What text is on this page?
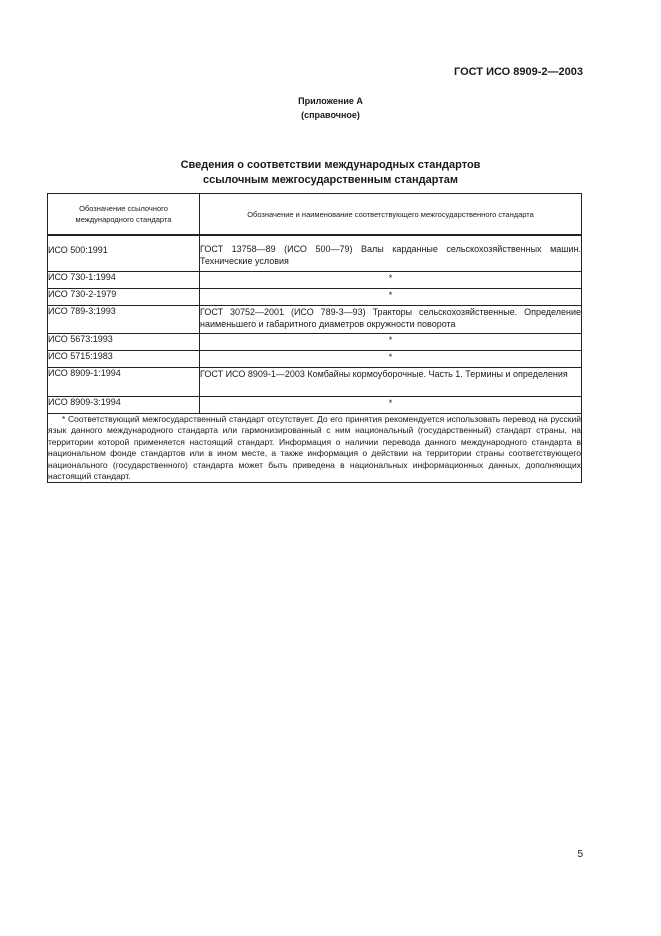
ГОСТ ИСО 8909-2—2003
Приложение А
(справочное)
Сведения о соответствии международных стандартов
ссылочным межгосударственным стандартам
Обозначение ссылочного международного стандарта	Обозначение и наименование соответствующего межгосударственного стандарта
ИСО 500:1991	ГОСТ 13758—89 (ИСО 500—79) Валы карданные сельскохозяйственных машин. Технические условия
ИСО 730-1:1994	*
ИСО 730-2-1979	*
ИСО 789-3:1993	ГОСТ 30752—2001 (ИСО 789-3—93) Тракторы сельскохозяйственные. Определение наименьшего и габаритного диаметров окружности поворота
ИСО 5673:1993	*
ИСО 5715:1983	*
ИСО 8909-1:1994	ГОСТ ИСО 8909-1—2003 Комбайны кормоуборочные. Часть 1. Термины и определения
ИСО 8909-3:1994	*
* Соответствующий межгосударственный стандарт отсутствует. До его принятия рекомендуется использовать перевод на русский язык данного международного стандарта или гармонизированный с ним национальный (государственный) стандарт страны, на территории которой применяется настоящий стандарт. Информация о наличии перевода данного международного стандарта в национальном фонде стандартов или в ином месте, а также информация о действии на территории страны соответствующего национального (государственного) стандарта может быть приведена в национальных информационных данных, дополняющих настоящий стандарт.	
5
